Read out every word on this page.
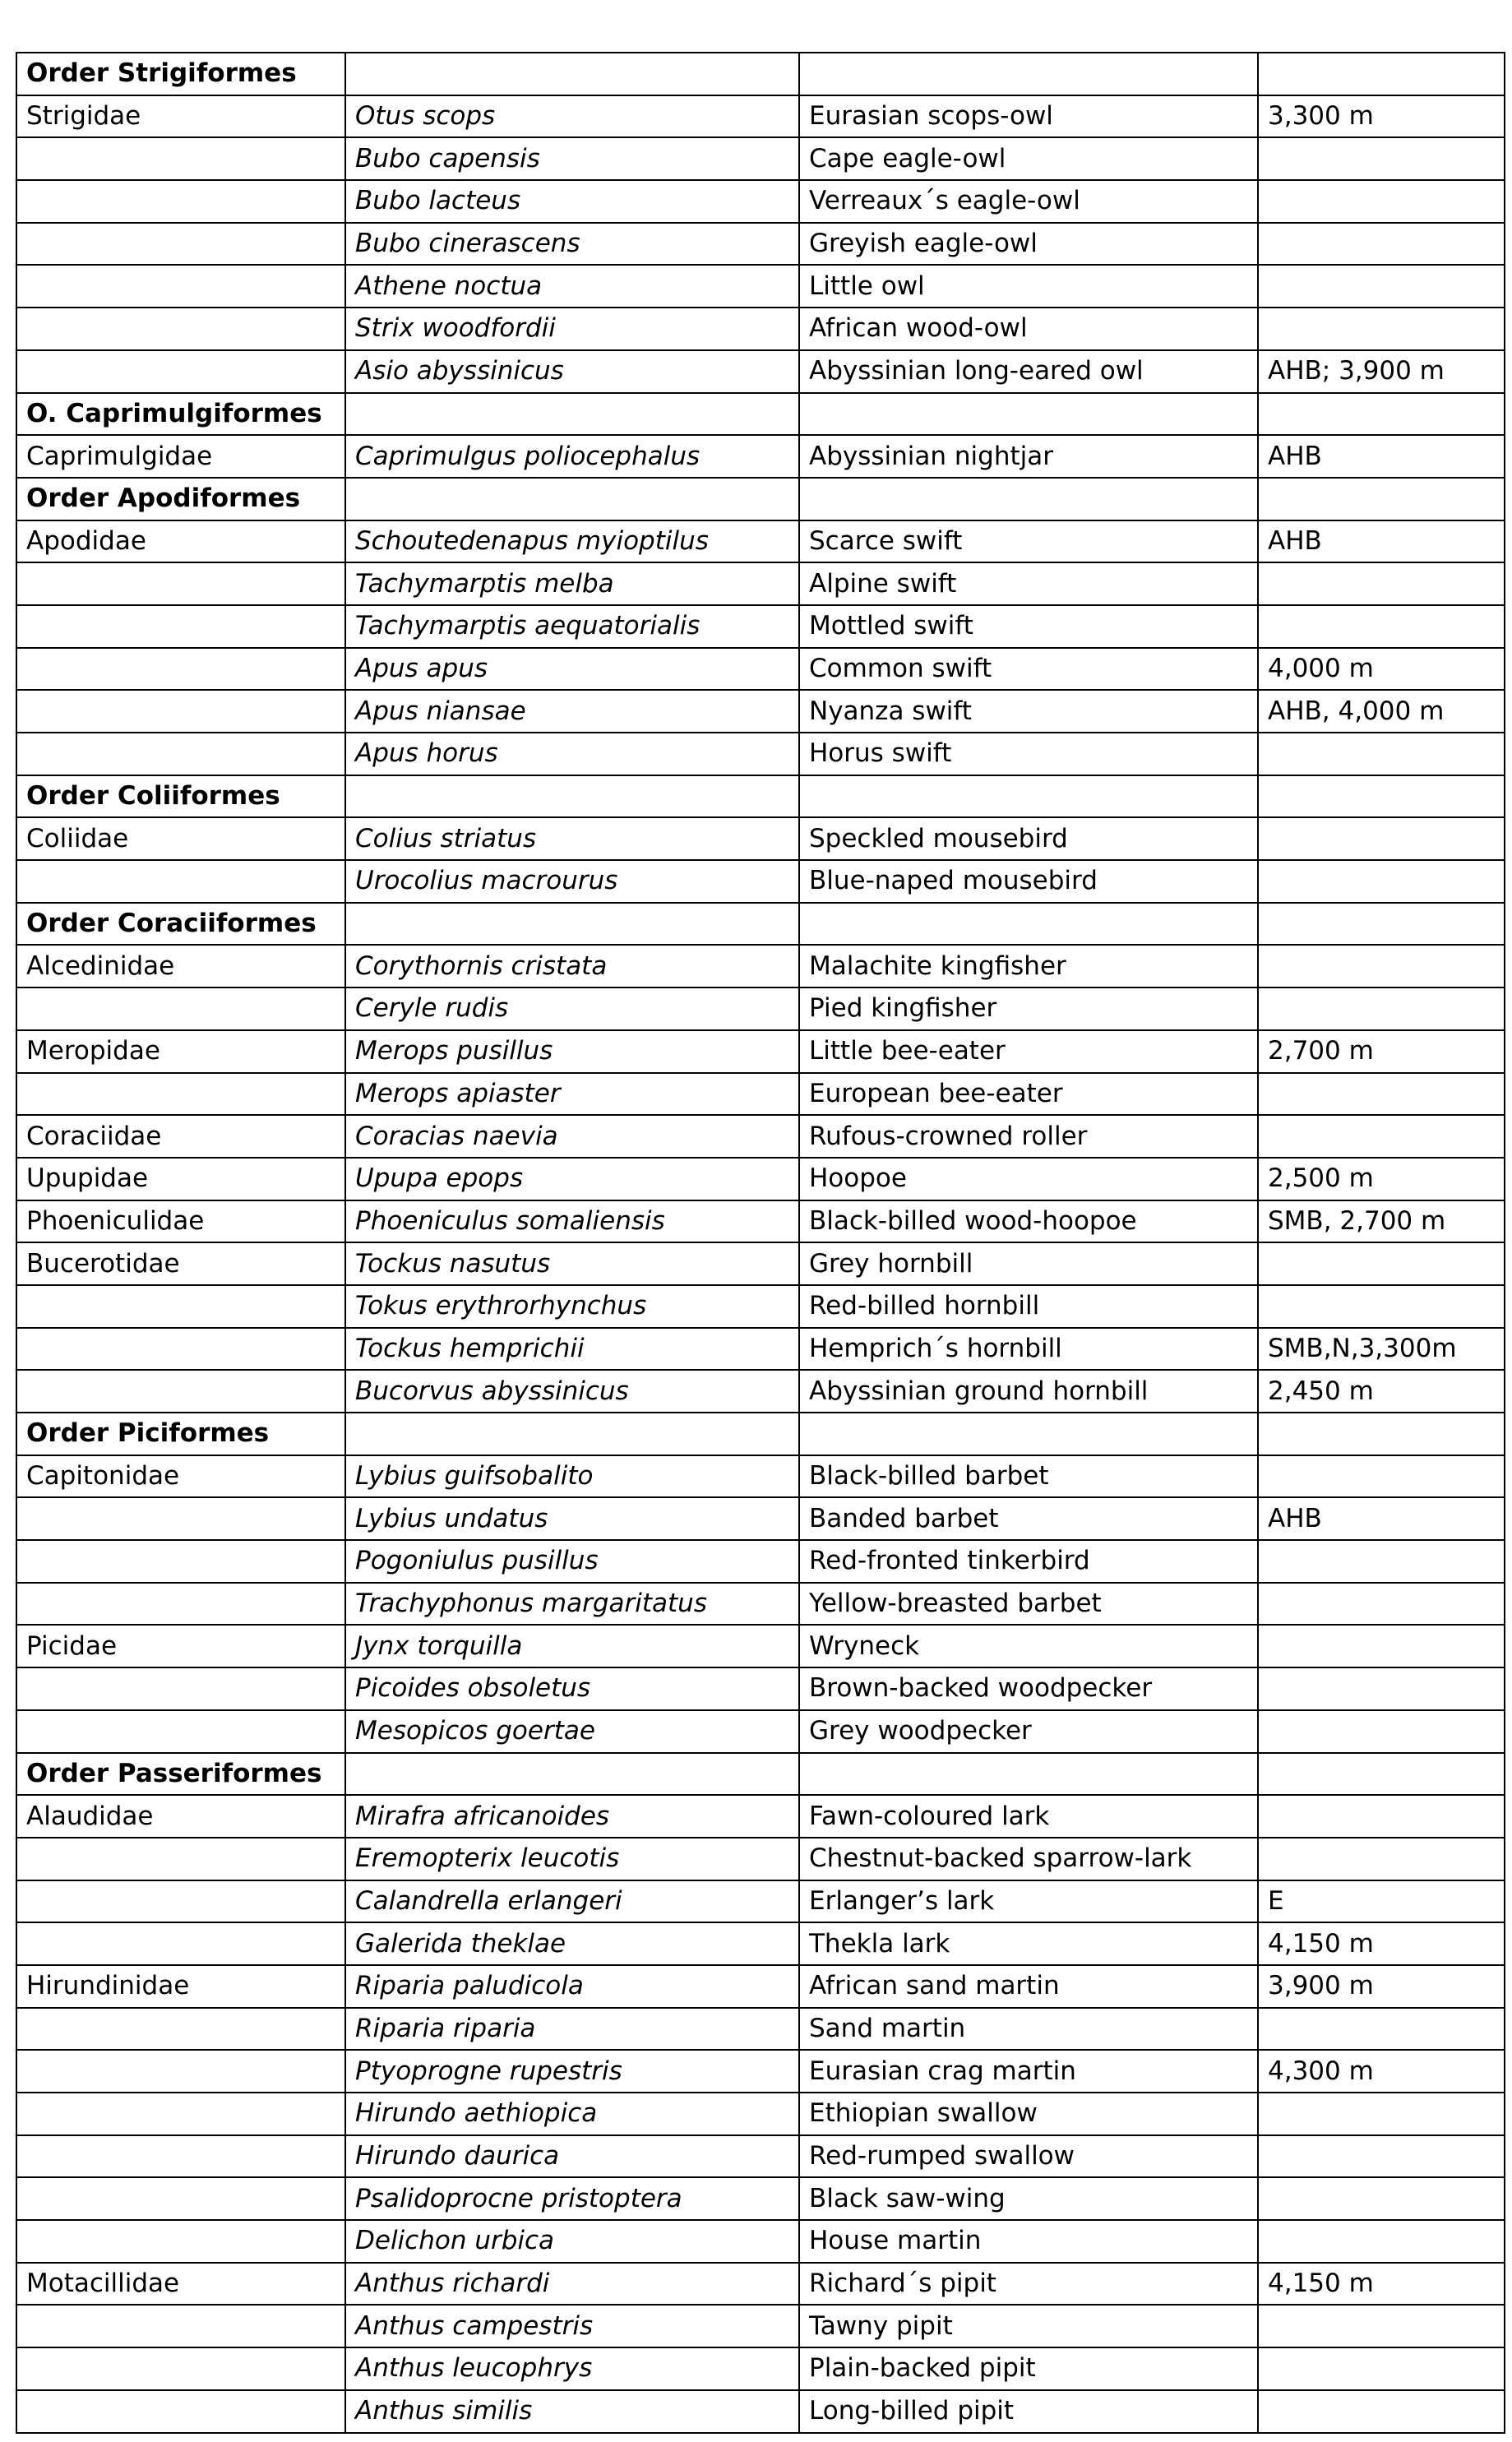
Order Strigiformes			
Strigidae	Otus scops	Eurasian scops-owl	3,300 m
	Bubo capensis	Cape eagle-owl	
	Bubo lacteus	Verreaux´s eagle-owl	
	Bubo cinerascens	Greyish eagle-owl	
	Athene noctua	Little owl	
	Strix woodfordii	African wood-owl	
	Asio abyssinicus	Abyssinian long-eared owl	AHB; 3,900 m
O. Caprimulgiformes			
Caprimulgidae	Caprimulgus poliocephalus	Abyssinian nightjar	AHB
Order Apodiformes			
Apodidae	Schoutedenapus myioptilus	Scarce swift	AHB
	Tachymarptis melba	Alpine swift	
	Tachymarptis aequatorialis	Mottled swift	
	Apus apus	Common swift	4,000 m
	Apus niansae	Nyanza swift	AHB, 4,000 m
	Apus horus	Horus swift	
Order Coliiformes			
Coliidae	Colius striatus	Speckled mousebird	
	Urocolius macrourus	Blue-naped mousebird	
Order Coraciiformes			
Alcedinidae	Corythornis cristata	Malachite kingfisher	
	Ceryle rudis	Pied kingfisher	
Meropidae	Merops pusillus	Little bee-eater	2,700 m
	Merops apiaster	European bee-eater	
Coraciidae	Coracias naevia	Rufous-crowned roller	
Upupidae	Upupa epops	Hoopoe	2,500 m
Phoeniculidae	Phoeniculus somaliensis	Black-billed wood-hoopoe	SMB, 2,700 m
Bucerotidae	Tockus nasutus	Grey hornbill	
	Tokus erythrorhynchus	Red-billed hornbill	
	Tockus hemprichii	Hemprich´s hornbill	SMB,N,3,300m
	Bucorvus abyssinicus	Abyssinian ground hornbill	2,450 m
Order Piciformes			
Capitonidae	Lybius guifsobalito	Black-billed barbet	
	Lybius undatus	Banded barbet	AHB
	Pogoniulus pusillus	Red-fronted tinkerbird	
	Trachyphonus margaritatus	Yellow-breasted barbet	
Picidae	Jynx torquilla	Wryneck	
	Picoides obsoletus	Brown-backed woodpecker	
	Mesopicos goertae	Grey woodpecker	
Order Passeriformes			
Alaudidae	Mirafra africanoides	Fawn-coloured lark	
	Eremopterix leucotis	Chestnut-backed sparrow-lark	
	Calandrella erlangeri	Erlanger’s lark	E
	Galerida theklae	Thekla lark	4,150 m
Hirundinidae	Riparia paludicola	African sand martin	3,900 m
	Riparia riparia	Sand martin	
	Ptyoprogne rupestris	Eurasian crag martin	4,300 m
	Hirundo aethiopica	Ethiopian swallow	
	Hirundo daurica	Red-rumped swallow	
	Psalidoprocne pristoptera	Black saw-wing	
	Delichon urbica	House martin	
Motacillidae	Anthus richardi	Richard´s pipit	4,150 m
	Anthus campestris	Tawny pipit	
	Anthus leucophrys	Plain-backed pipit	
	Anthus similis	Long-billed pipit	
